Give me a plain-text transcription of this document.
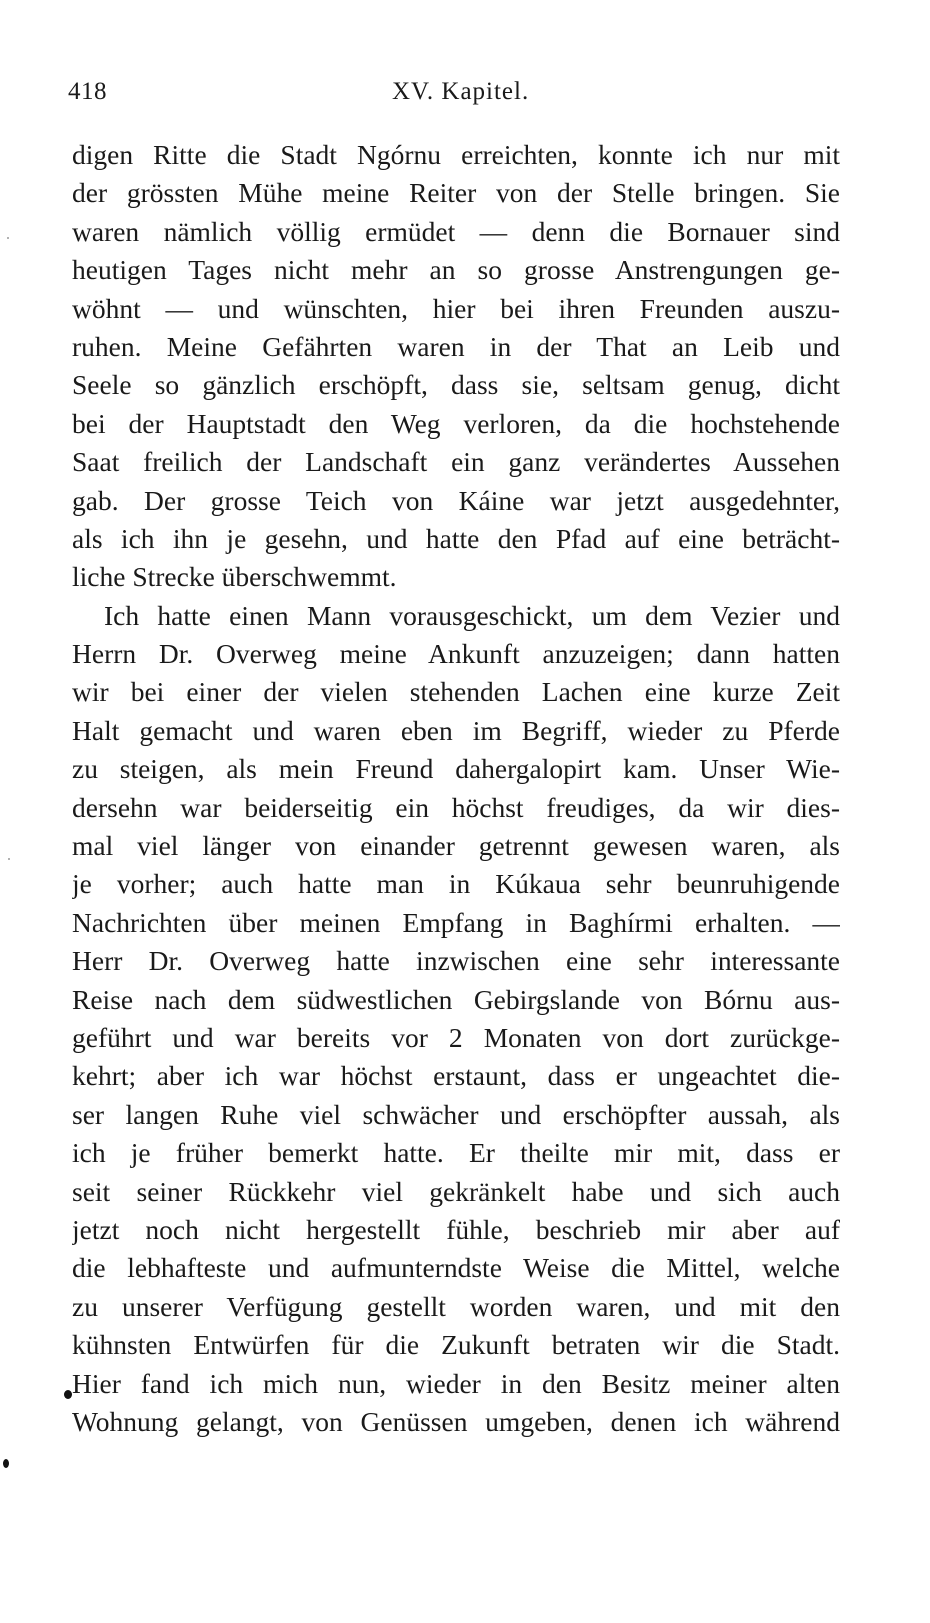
418	XV. Kapitel.
digen Ritte die Stadt Ngórnu erreichten, konnte ich nur mit
der grössten Mühe meine Reiter von der Stelle bringen. Sie
waren nämlich völlig ermüdet — denn die Bornauer sind
heutigen Tages nicht mehr an so grosse Anstrengungen ge-
wöhnt — und wünschten, hier bei ihren Freunden auszu-
ruhen. Meine Gefährten waren in der That an Leib und
Seele so gänzlich erschöpft, dass sie, seltsam genug, dicht
bei der Hauptstadt den Weg verloren, da die hochstehende
Saat freilich der Landschaft ein ganz verändertes Aussehen
gab. Der grosse Teich von Káine war jetzt ausgedehnter,
als ich ihn je gesehn, und hatte den Pfad auf eine beträcht-
liche Strecke überschwemmt.
Ich hatte einen Mann vorausgeschickt, um dem Vezier und
Herrn Dr. Overweg meine Ankunft anzuzeigen; dann hatten
wir bei einer der vielen stehenden Lachen eine kurze Zeit
Halt gemacht und waren eben im Begriff, wieder zu Pferde
zu steigen, als mein Freund dahergalopirt kam. Unser Wie-
dersehn war beiderseitig ein höchst freudiges, da wir dies-
mal viel länger von einander getrennt gewesen waren, als
je vorher; auch hatte man in Kúkaua sehr beunruhigende
Nachrichten über meinen Empfang in Baghírmi erhalten. —
Herr Dr. Overweg hatte inzwischen eine sehr interessante
Reise nach dem südwestlichen Gebirgslande von Bórnu aus-
geführt und war bereits vor 2 Monaten von dort zurückge-
kehrt; aber ich war höchst erstaunt, dass er ungeachtet die-
ser langen Ruhe viel schwächer und erschöpfter aussah, als
ich je früher bemerkt hatte. Er theilte mir mit, dass er
seit seiner Rückkehr viel gekränkelt habe und sich auch
jetzt noch nicht hergestellt fühle, beschrieb mir aber auf
die lebhafteste und aufmunterndste Weise die Mittel, welche
zu unserer Verfügung gestellt worden waren, und mit den
kühnsten Entwürfen für die Zukunft betraten wir die Stadt.
Hier fand ich mich nun, wieder in den Besitz meiner alten
Wohnung gelangt, von Genüssen umgeben, denen ich während
